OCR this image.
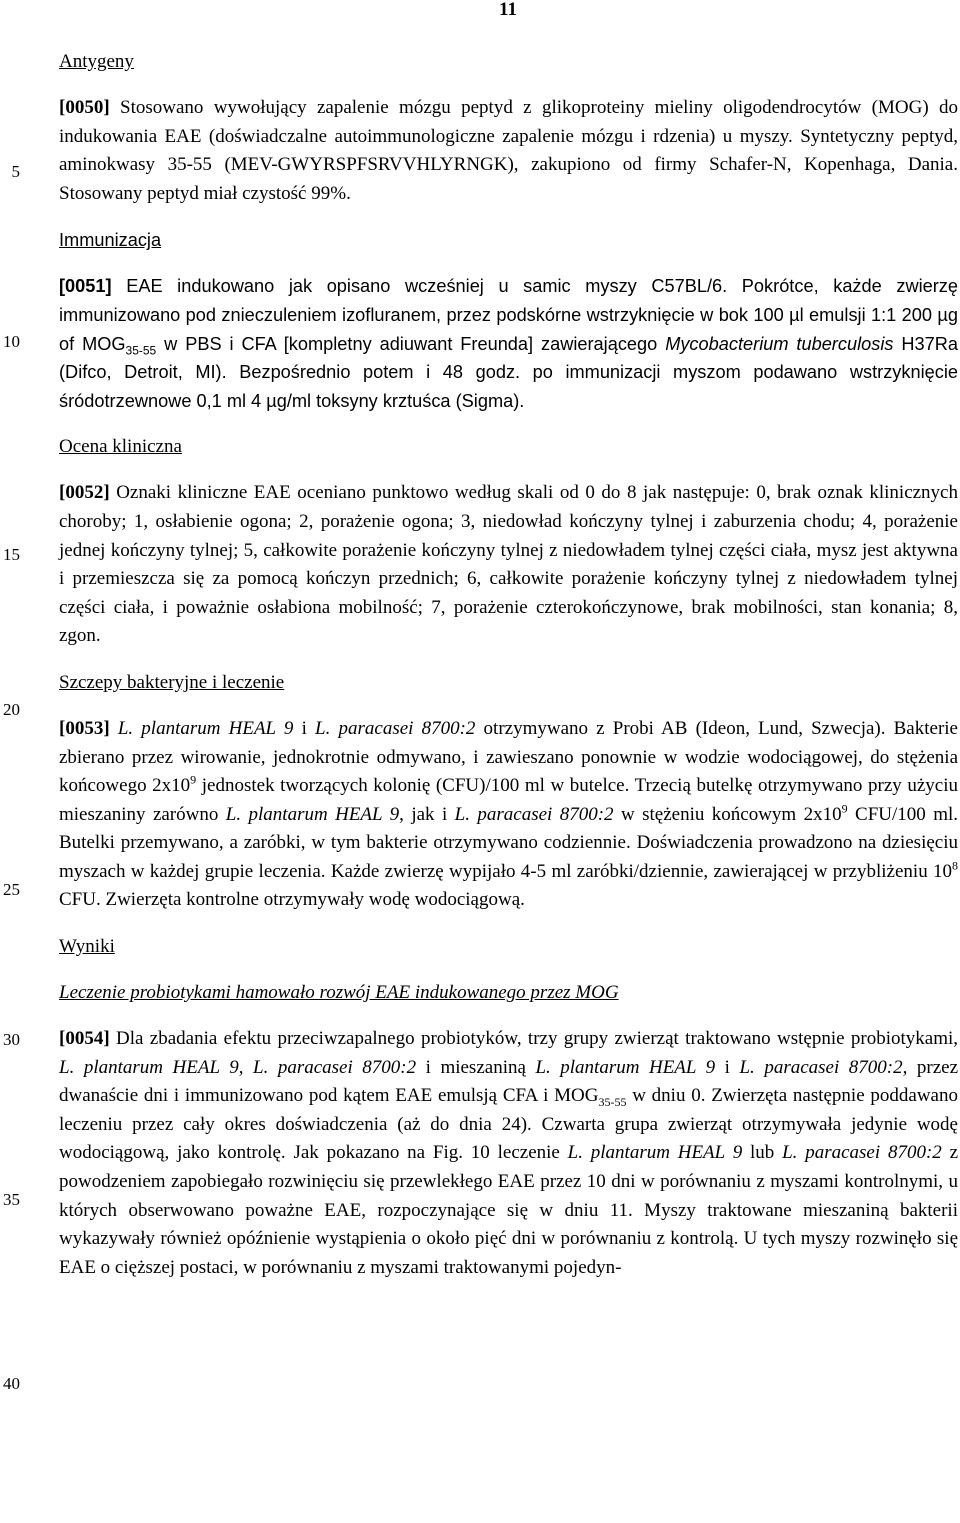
11
5
10
15
20
25
30
35
40

Antygeny

[0050] Stosowano wywołujący zapalenie mózgu peptyd z glikoproteiny mieliny oligodendrocytów (MOG) do indukowania EAE (doświadczalne autoimmunologiczne zapalenie mózgu i rdzenia) u myszy. Syntetyczny peptyd, aminokwasy 35-55 (MEV-GWYRSPFSRVVHLYRNGK), zakupiono od firmy Schafer-N, Kopenhaga, Dania. Stosowany peptyd miał czystość 99%.

Immunizacja

[0051] EAE indukowano jak opisano wcześniej u samic myszy C57BL/6. Pokrótce, każde zwierzę immunizowano pod znieczuleniem izofluranem, przez podskórne wstrzyknięcie w bok 100 µl emulsji 1:1 200 µg of $MOG_{35-55}$ w PBS i CFA [kompletny adiuwant Freunda] zawierającego Mycobacterium tuberculosis H37Ra (Difco, Detroit, MI). Bezpośrednio potem i 48 godz. po immunizacji myszom podawano wstrzyknięcie śródotrzewnowe 0,1 ml 4 µg/ml toksyny krztuśca (Sigma).

Ocena kliniczna

[0052] Oznaki kliniczne EAE oceniano punktowo według skali od 0 do 8 jak następuje: 0, brak oznak klinicznych choroby; 1, osłabienie ogona; 2, porażenie ogona; 3, niedowład kończyny tylnej i zaburzenia chodu; 4, porażenie jednej kończyny tylnej; 5, całkowite porażenie kończyny tylnej z niedowładem tylnej części ciała, mysz jest aktywna i przemieszcza się za pomocą kończyn przednich; 6, całkowite porażenie kończyny tylnej z niedowładem tylnej części ciała, i poważnie osłabiona mobilność; 7, porażenie czterokończynowe, brak mobilności, stan konania; 8, zgon.

Szczepy bakteryjne i leczenie

[0053] L. plantarum HEAL 9 i L. paracasei 8700:2 otrzymywano z Probi AB (Ideon, Lund, Szwecja). Bakterie zbierano przez wirowanie, jednokrotnie odmywano, i zawieszano ponownie w wodzie wodociągowej, do stężenia końcowego $2x10^9$ jednostek tworzących kolonię (CFU)/100 ml w butelce. Trzecią butelkę otrzymywano przy użyciu mieszaniny zarówno L. plantarum HEAL 9, jak i L. paracasei 8700:2 w stężeniu końcowym $2x10^9$ CFU/100 ml. Butelki przemywano, a zaróbki, w tym bakterie otrzymywano codziennie. Doświadczenia prowadzono na dziesięciu myszach w każdej grupie leczenia. Każde zwierzę wypijało 4-5 ml zaróbki/dziennie, zawierającej w przybliżeniu $10^8$ CFU. Zwierzęta kontrolne otrzymywały wodę wodociągową.

Wyniki

Leczenie probiotykami hamowało rozwój EAE indukowanego przez MOG

[0054] Dla zbadania efektu przeciwzapalnego probiotyków, trzy grupy zwierząt traktowano wstępnie probiotykami, L. plantarum HEAL 9, L. paracasei 8700:2 i mieszaniną L. plantarum HEAL 9 i L. paracasei 8700:2, przez dwanaście dni i immunizowano pod kątem EAE emulsją CFA i $MOG_{35-55}$ w dniu 0. Zwierzęta następnie poddawano leczeniu przez cały okres doświadczenia (aż do dnia 24). Czwarta grupa zwierząt otrzymywała jedynie wodę wodociągową, jako kontrolę. Jak pokazano na Fig. 10 leczenie L. plantarum HEAL 9 lub L. paracasei 8700:2 z powodzeniem zapobiegało rozwinięciu się przewlekłego EAE przez 10 dni w porównaniu z myszami kontrolnymi, u których obserwowano poważne EAE, rozpoczynające się w dniu 11. Myszy traktowane mieszaniną bakterii wykazywały również opóźnienie wystąpienia o około pięć dni w porównaniu z kontrolą. U tych myszy rozwinęło się EAE o cięższej postaci, w porównaniu z myszami traktowanymi pojedyn-
